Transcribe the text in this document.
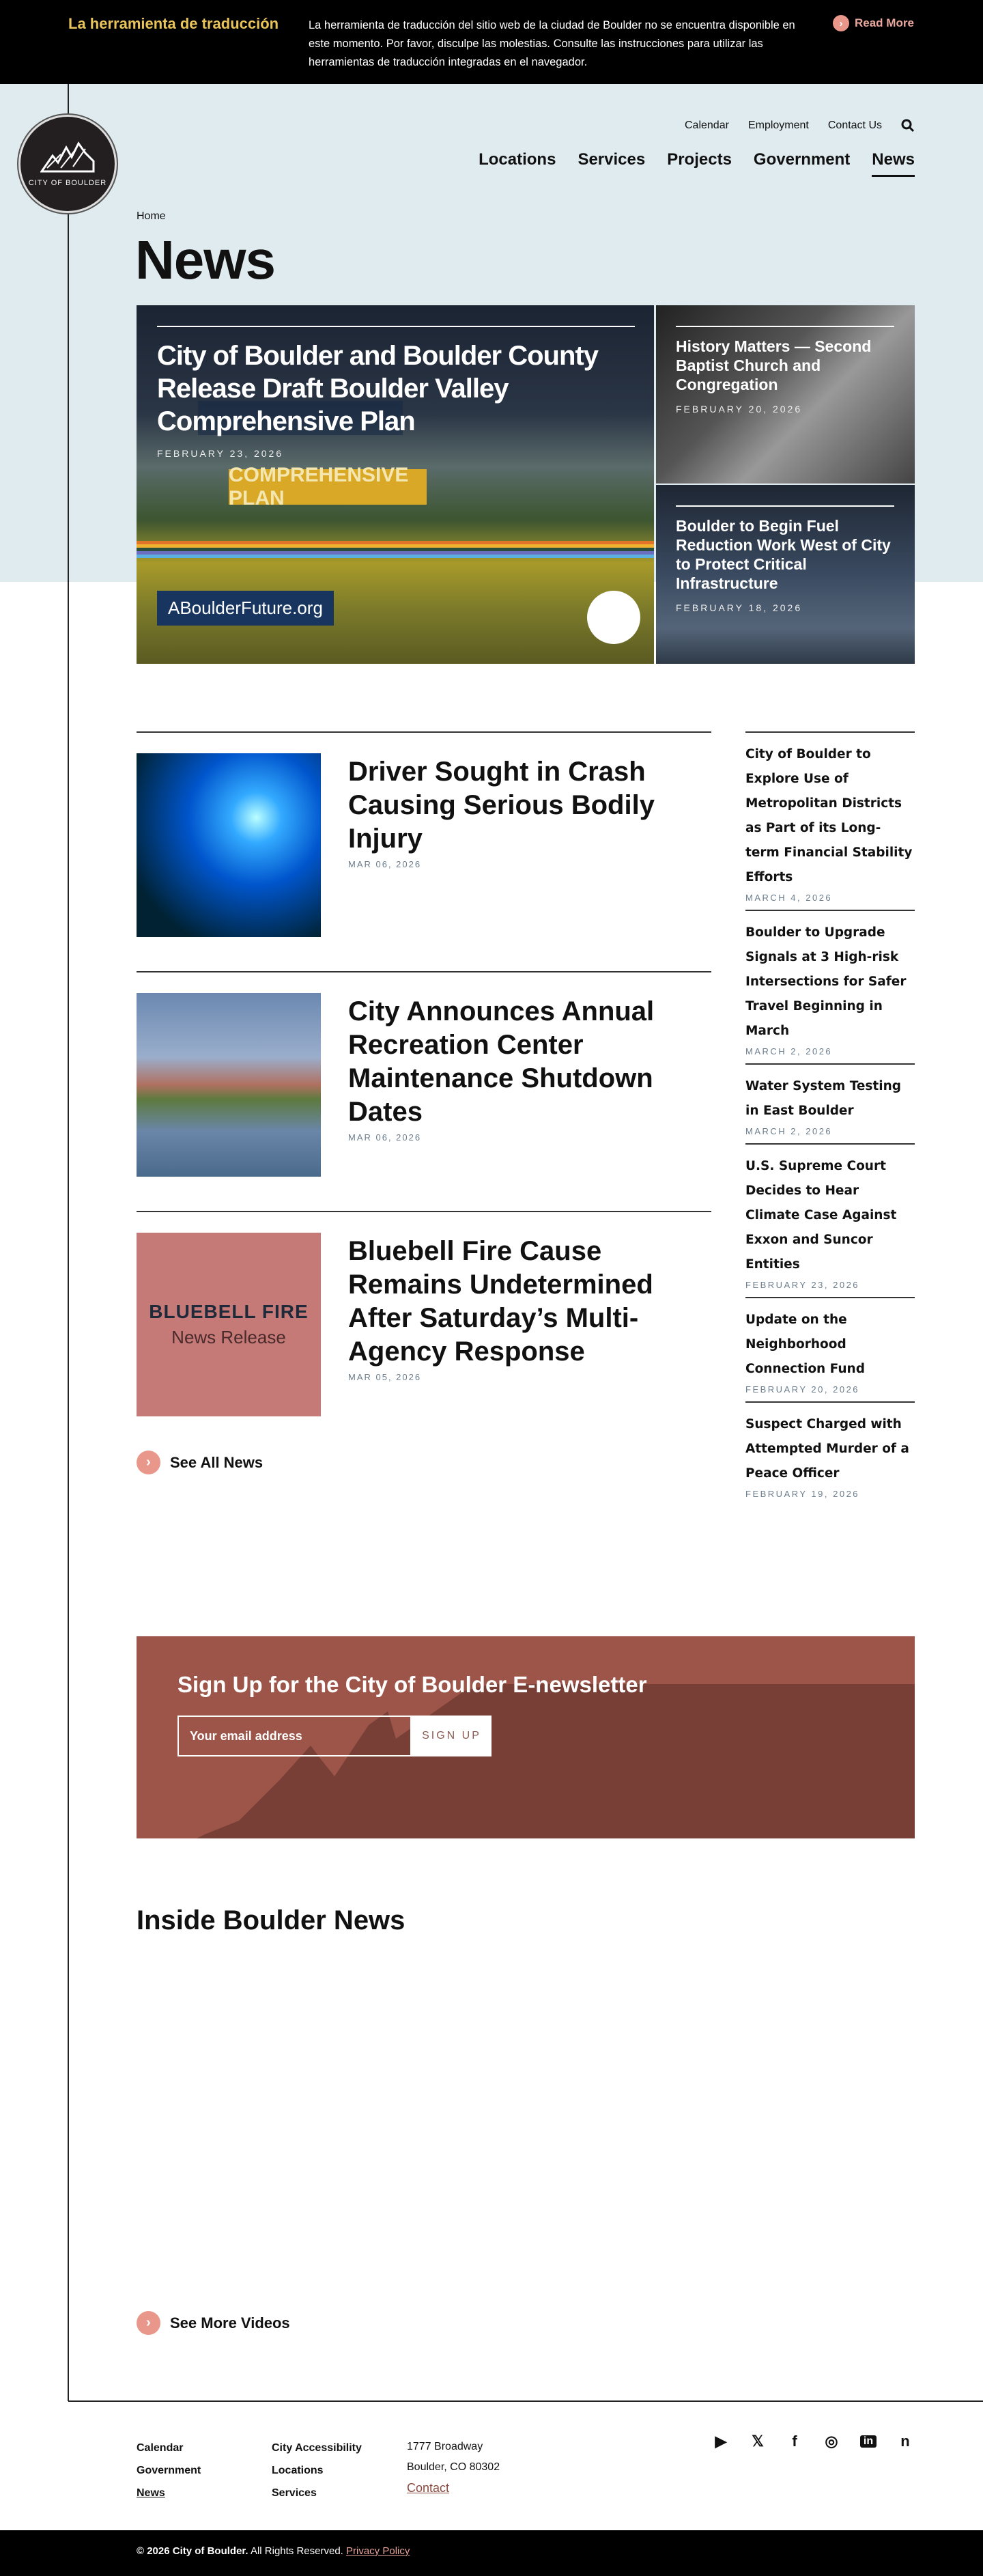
La herramienta de traducción	La herramienta de traducción del sitio web de la ciudad de Boulder no se encuentra disponible en este momento. Por favor, disculpe las molestias. Consulte las instrucciones para utilizar las herramientas de traducción integradas en el navegador.
›	Read More
CITY OF BOULDER
Calendar Employment Contact Us
Locations Services Projects Government News
Home
News
City of Boulder and Boulder County Release Draft Boulder Valley Comprehensive Plan
FEBRUARY 23, 2026
COMPREHENSIVE PLAN
ABoulderFuture.org
History Matters — Second Baptist Church and Congregation
FEBRUARY 20, 2026
Boulder to Begin Fuel Reduction Work West of City to Protect Critical Infrastructure
FEBRUARY 18, 2026
Driver Sought in Crash Causing Serious Bodily Injury
MAR 06, 2026
City Announces Annual Recreation Center Maintenance Shutdown Dates
MAR 06, 2026
BLUEBELL FIRE
News Release
Bluebell Fire Cause Remains Undetermined After Saturday’s Multi-Agency Response
MAR 05, 2026
›	See All News
City of Boulder to Explore Use of Metropolitan Districts as Part of its Long-term Financial Stability Efforts
MARCH 4, 2026
Boulder to Upgrade Signals at 3 High-risk Intersections for Safer Travel Beginning in March
MARCH 2, 2026
Water System Testing in East Boulder
MARCH 2, 2026
U.S. Supreme Court Decides to Hear Climate Case Against Exxon and Suncor Entities
FEBRUARY 23, 2026
Update on the Neighborhood Connection Fund
FEBRUARY 20, 2026
Suspect Charged with Attempted Murder of a Peace Officer
FEBRUARY 19, 2026
Sign Up for the City of Boulder E-newsletter
Your email address
SIGN UP
Inside Boulder News
›	See More Videos
Calendar
Government
News
City Accessibility
Locations
Services
1777 Broadway
Boulder, CO 80302
Contact
▶ 𝕏	f	◎	in n
© 2026 City of Boulder. All Rights Reserved. Privacy Policy
